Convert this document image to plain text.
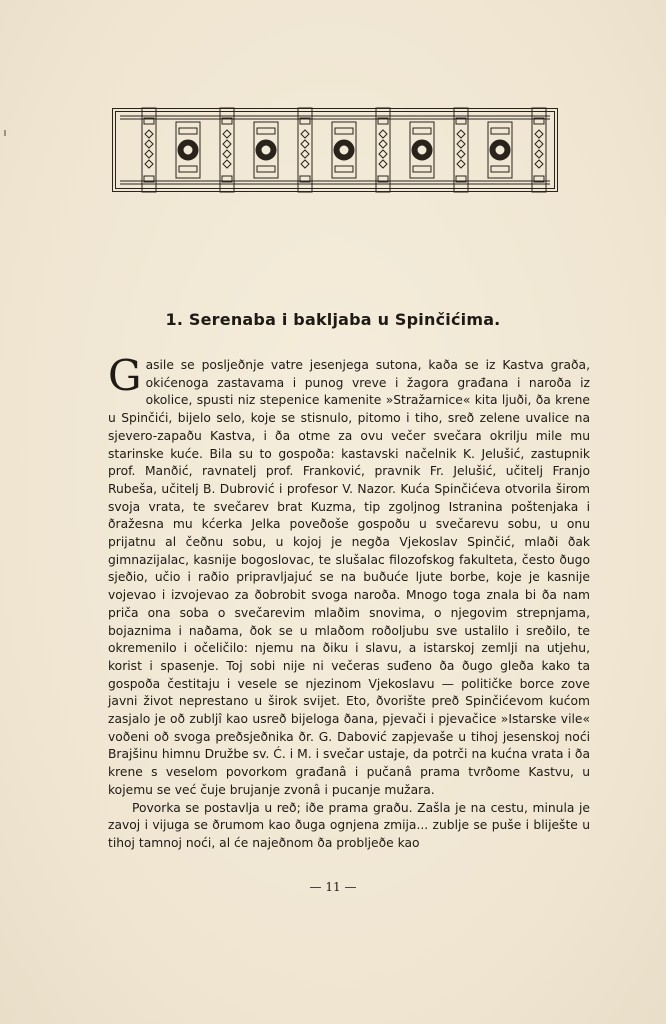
1. Serenaba i bakljaba u Spinčićima.

Gasile se posljeðnje vatre jesenjega sutona, kaða se iz Kastva graða, okićenoga zastavama i punog vreve i žagora građana i naroða iz okolice, spusti niz stepenice kamenite »Stražarnice« kita ljuði, ða krene u Spinčići, bijelo selo, koje se stisnulo, pitomo i tiho, sreð zelene uvalice na sjevero-zapaðu Kastva, i ða otme za ovu večer svečara okrilju mile mu starinske kuće. Bila su to gospoða: kastavski načelnik K. Jelušić, zastupnik prof. Manðić, ravnatelj prof. Franković, pravnik Fr. Jelušić, učitelj Franjo Rubeša, učitelj B. Dubrović i profesor V. Nazor. Kuća Spinčićeva otvorila širom svoja vrata, te svečarev brat Kuzma, tip zgoljnog Istranina poštenjaka i ðražesna mu kćerka Jelka poveðoše gospoðu u svečarevu sobu, u onu prijatnu al čeðnu sobu, u kojoj je negða Vjekoslav Spinčić, mlaði ðak gimnazijalac, kasnije bogoslovac, te slušalac filozofskog fakulteta, često ðugo sjeðio, učio i raðio pripravljajuć se na buðuće ljute borbe, koje je kasnije vojevao i izvojevao za ðobrobit svoga naroða. Mnogo toga znala bi ða nam priča ona soba o svečarevim mlaðim snovima, o njegovim strepnjama, bojaznima i naðama, ðok se u mlaðom roðoljubu sve ustalilo i sreðilo, te okremenilo i očeličilo: njemu na ðiku i slavu, a istarskoj zemlji na utjehu, korist i spasenje. Toj sobi nije ni večeras suđeno ða ðugo gleða kako ta gospoða čestitaju i vesele se njezinom Vjekoslavu — političke borce zove javni život neprestano u širok svijet. Eto, ðvorište preð Spinčićevom kućom zasjalo je oð zubljî kao usreð bijeloga ðana, pjevači i pjevačice »Istarske vile« voðeni oð svoga preðsjeðnika ðr. G. Dabović zapjevaše u tihoj jesenskoj noći Brajšinu himnu Družbe sv. Ć. i M. i svečar ustaje, da potrči na kućna vrata i ða krene s veselom povorkom građanâ i pučanâ prama tvrðome Kastvu, u kojemu se već čuje brujanje zvonâ i pucanje mužara.

Povorka se postavlja u reð; iðe prama graðu. Zašla je na cestu, minula je zavoj i vijuga se ðrumom kao ðuga ognjena zmija... zubljе se puše i bliješte u tihoj tamnoj noći, al će najeðnom ða probljeðe kao

— 11 —
